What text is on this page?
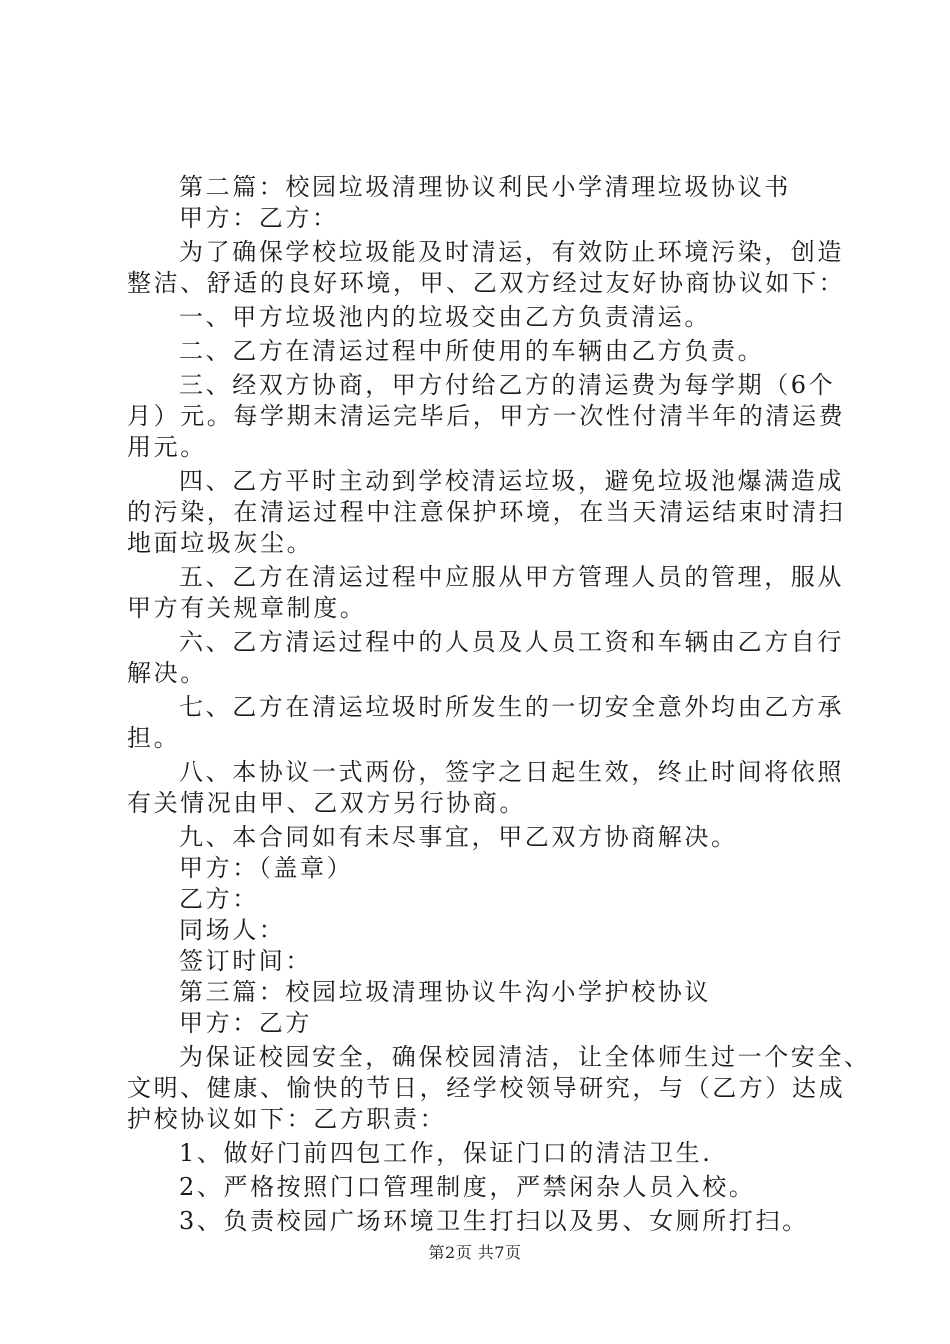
第二篇：校园垃圾清理协议利民小学清理垃圾协议书

甲方：乙方：

为了确保学校垃圾能及时清运，有效防止环境污染，创造

整洁、舒适的良好环境，甲、乙双方经过友好协商协议如下：

一、甲方垃圾池内的垃圾交由乙方负责清运。

二、乙方在清运过程中所使用的车辆由乙方负责。

三、经双方协商，甲方付给乙方的清运费为每学期（6个

月）元。每学期末清运完毕后，甲方一次性付清半年的清运费

用元。

四、乙方平时主动到学校清运垃圾，避免垃圾池爆满造成

的污染，在清运过程中注意保护环境，在当天清运结束时清扫

地面垃圾灰尘。

五、乙方在清运过程中应服从甲方管理人员的管理，服从

甲方有关规章制度。

六、乙方清运过程中的人员及人员工资和车辆由乙方自行

解决。

七、乙方在清运垃圾时所发生的一切安全意外均由乙方承

担。

八、本协议一式两份，签字之日起生效，终止时间将依照

有关情况由甲、乙双方另行协商。

九、本合同如有未尽事宜，甲乙双方协商解决。

甲方：（盖章）

乙方：

同场人：

签订时间：

第三篇：校园垃圾清理协议牛沟小学护校协议

甲方：乙方

为保证校园安全，确保校园清洁，让全体师生过一个安全、

文明、健康、愉快的节日，经学校领导研究，与（乙方）达成

护校协议如下：乙方职责：

1、做好门前四包工作，保证门口的清洁卫生.

2、严格按照门口管理制度，严禁闲杂人员入校。

3、负责校园广场环境卫生打扫以及男、女厕所打扫。

第2页 共7页
